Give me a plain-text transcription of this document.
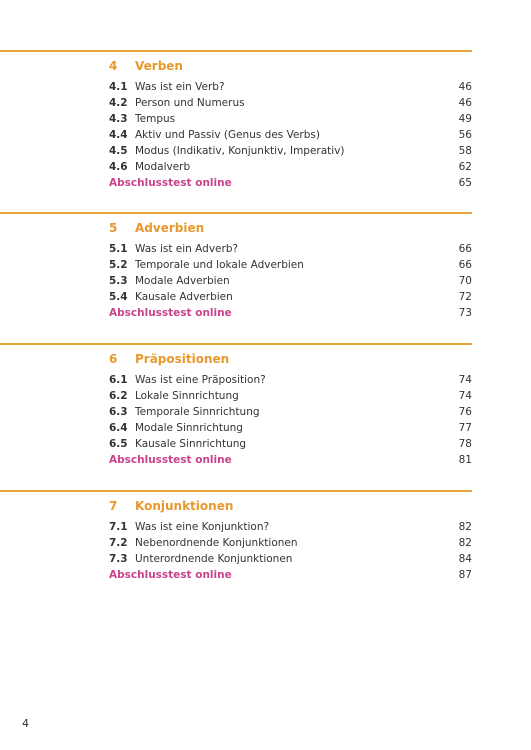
4	Verben
4.1 Was ist ein Verb?	46
4.2 Person und Numerus	46
4.3 Tempus	49
4.4 Aktiv und Passiv (Genus des Verbs)	56
4.5 Modus (Indikativ, Konjunktiv, Imperativ)	58
4.6 Modalverb	62
Abschlusstest online	65
5	Adverbien
5.1 Was ist ein Adverb?	66
5.2 Temporale und lokale Adverbien	66
5.3 Modale Adverbien	70
5.4 Kausale Adverbien	72
Abschlusstest online	73
6	Präpositionen
6.1 Was ist eine Präposition?	74
6.2 Lokale Sinnrichtung	74
6.3 Temporale Sinnrichtung	76
6.4 Modale Sinnrichtung	77
6.5 Kausale Sinnrichtung	78
Abschlusstest online	81
7	Konjunktionen
7.1 Was ist eine Konjunktion?	82
7.2 Nebenordnende Konjunktionen	82
7.3 Unterordnende Konjunktionen	84
Abschlusstest online	87
4
